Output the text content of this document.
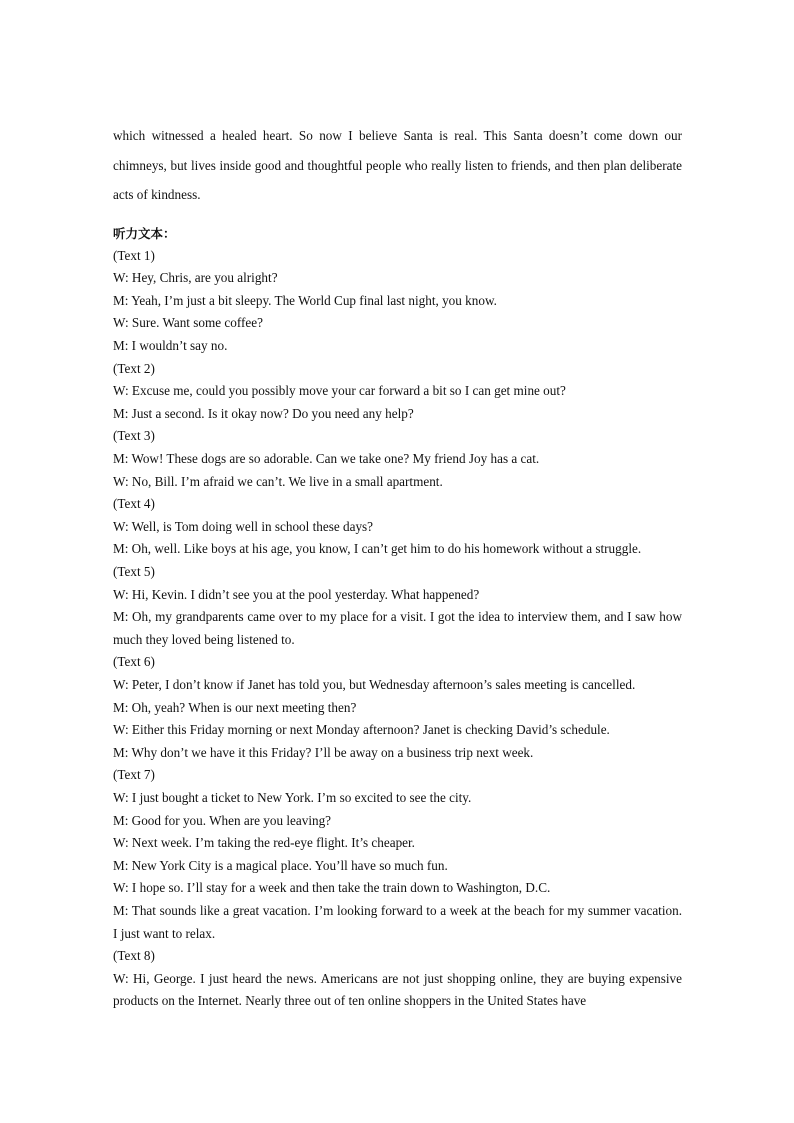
which witnessed a healed heart. So now I believe Santa is real. This Santa doesn’t come down our chimneys, but lives inside good and thoughtful people who really listen to friends, and then plan deliberate acts of kindness.

听力文本：
(Text 1)
W: Hey, Chris, are you alright?
M: Yeah, I’m just a bit sleepy. The World Cup final last night, you know.
W: Sure. Want some coffee?
M: I wouldn’t say no.
(Text 2)
W: Excuse me, could you possibly move your car forward a bit so I can get mine out?
M: Just a second. Is it okay now? Do you need any help?
(Text 3)
M: Wow! These dogs are so adorable. Can we take one? My friend Joy has a cat.
W: No, Bill. I’m afraid we can’t. We live in a small apartment.
(Text 4)
W: Well, is Tom doing well in school these days?
M: Oh, well. Like boys at his age, you know, I can’t get him to do his homework without a struggle.
(Text 5)
W: Hi, Kevin. I didn’t see you at the pool yesterday. What happened?
M: Oh, my grandparents came over to my place for a visit. I got the idea to interview them, and I saw how much they loved being listened to.
(Text 6)
W: Peter, I don’t know if Janet has told you, but Wednesday afternoon’s sales meeting is cancelled.
M: Oh, yeah? When is our next meeting then?
W: Either this Friday morning or next Monday afternoon? Janet is checking David’s schedule.
M: Why don’t we have it this Friday? I’ll be away on a business trip next week.
(Text 7)
W: I just bought a ticket to New York. I’m so excited to see the city.
M: Good for you. When are you leaving?
W: Next week. I’m taking the red-eye flight. It’s cheaper.
M: New York City is a magical place. You’ll have so much fun.
W: I hope so. I’ll stay for a week and then take the train down to Washington, D.C.
M: That sounds like a great vacation. I’m looking forward to a week at the beach for my summer vacation. I just want to relax.
(Text 8)
W: Hi, George. I just heard the news. Americans are not just shopping online, they are buying expensive products on the Internet. Nearly three out of ten online shoppers in the United States have
